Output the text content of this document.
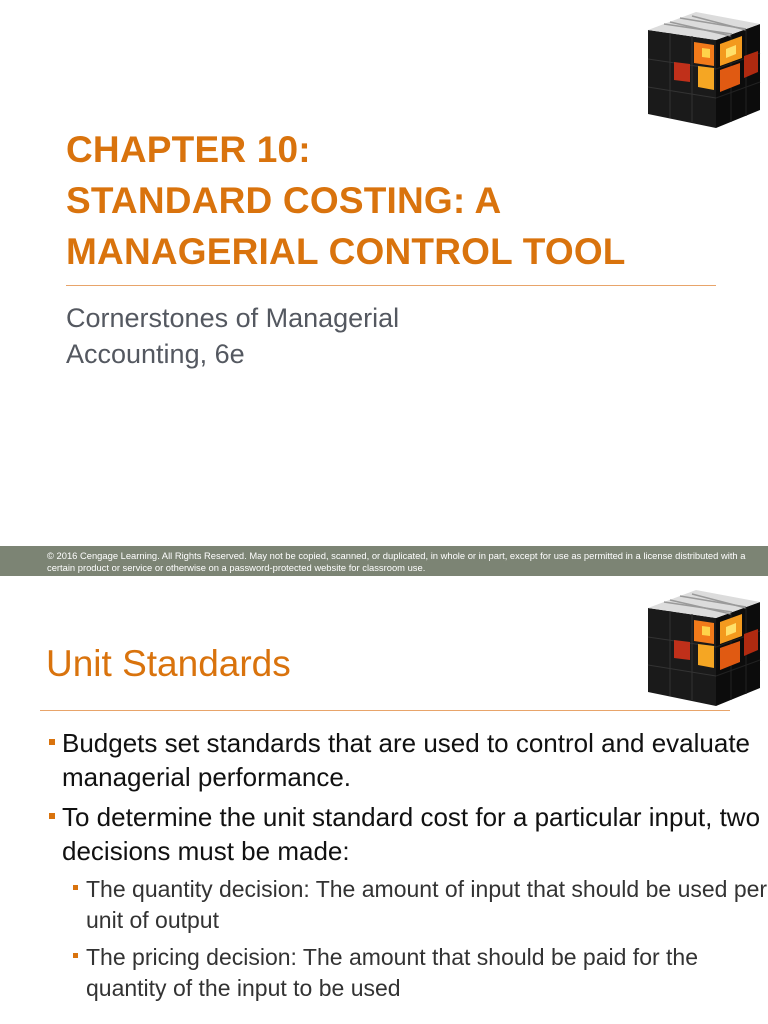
CHAPTER 10:
STANDARD COSTING: A
MANAGERIAL CONTROL TOOL

Cornerstones of Managerial
Accounting, 6e

© 2016 Cengage Learning. All Rights Reserved. May not be copied, scanned, or duplicated, in whole or in part, except for use as permitted in a license distributed with a certain product or service or otherwise on a password-protected website for classroom use.
Unit Standards
Budgets set standards that are used to control and evaluate managerial performance.
To determine the unit standard cost for a particular input, two decisions must be made:
The quantity decision: The amount of input that should be used per unit of output
The pricing decision: The amount that should be paid for the quantity of the input to be used
